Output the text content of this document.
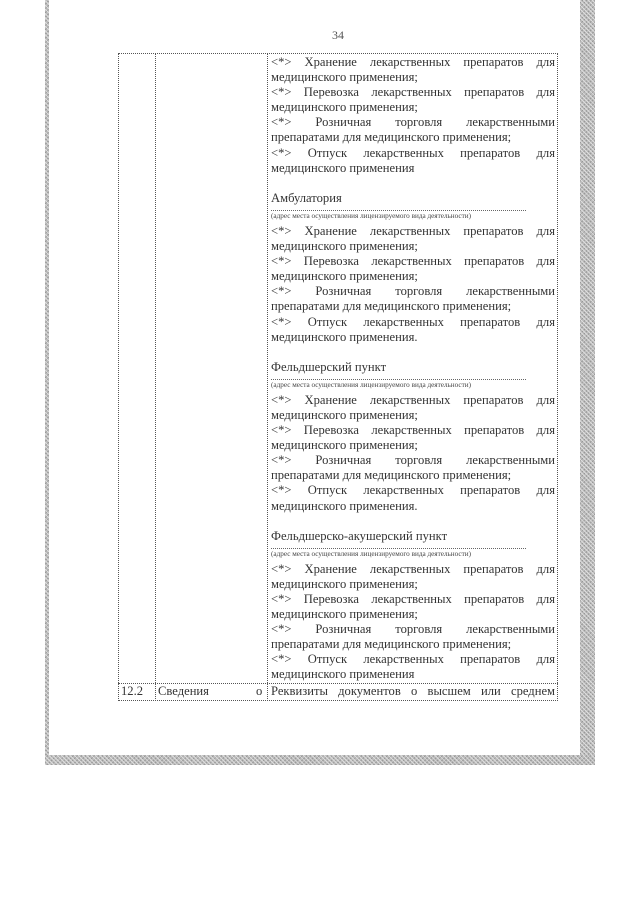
34
<*> Хранение лекарственных препаратов для
медицинского применения;
<*> Перевозка лекарственных препаратов для
медицинского применения;
<*> Розничная торговля лекарственными
препаратами для медицинского применения;
<*> Отпуск лекарственных препаратов для
медицинского применения
Амбулатория
(адрес места осуществления лицензируемого вида деятельности)
<*> Хранение лекарственных препаратов для
медицинского применения;
<*> Перевозка лекарственных препаратов для
медицинского применения;
<*> Розничная торговля лекарственными
препаратами для медицинского применения;
<*> Отпуск лекарственных препаратов для
медицинского применения.
Фельдшерский пункт
(адрес места осуществления лицензируемого вида деятельности)
<*> Хранение лекарственных препаратов для
медицинского применения;
<*> Перевозка лекарственных препаратов для
медицинского применения;
<*> Розничная торговля лекарственными
препаратами для медицинского применения;
<*> Отпуск лекарственных препаратов для
медицинского применения.
Фельдшерско-акушерский пункт
(адрес места осуществления лицензируемого вида деятельности)
<*> Хранение лекарственных препаратов для
медицинского применения;
<*> Перевозка лекарственных препаратов для
медицинского применения;
<*> Розничная торговля лекарственными
препаратами для медицинского применения;
<*> Отпуск лекарственных препаратов для
медицинского применения
12.2 Сведения	о Реквизиты документов о высшем или среднем
